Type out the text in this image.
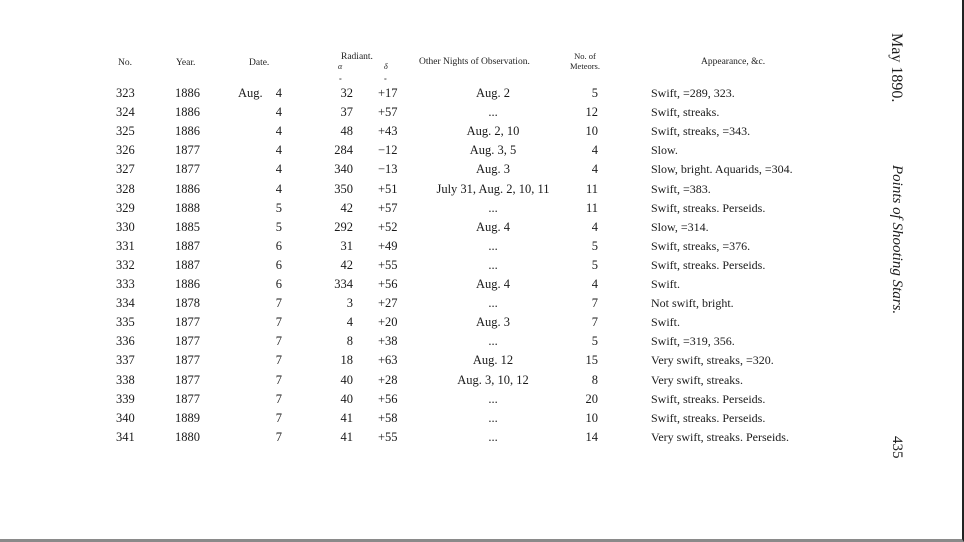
No.	Year.	Date.
Radiant.
α	δ	Other Nights of Observation.
No. of
Meteors.	Appearance, &c.
°	°
323	1886	Aug.	4	32 +17	Aug. 2	5	Swift, =289, 323.
324	1886	4	37 +57	...	12	Swift, streaks.
325	1886	4	48 +43	Aug. 2, 10	10	Swift, streaks, =343.
326	1877	4	284 −12	Aug. 3, 5	4	Slow.
327	1877	4	340 −13	Aug. 3	4	Slow, bright. Aquarids, =304.
328	1886	4	350 +51	July 31, Aug. 2, 10, 11	11	Swift, =383.
329	1888	5	42 +57	...	11	Swift, streaks. Perseids.
330	1885	5	292 +52	Aug. 4	4	Slow, =314.
331	1887	6	31 +49	...	5	Swift, streaks, =376.
332	1887	6	42 +55	...	5	Swift, streaks. Perseids.
333	1886	6	334 +56	Aug. 4	4	Swift.
334	1878	7	3 +27	...	7	Not swift, bright.
335	1877	7	4 +20	Aug. 3	7	Swift.
336	1877	7	8 +38	...	5	Swift, =319, 356.
337	1877	7	18 +63	Aug. 12	15	Very swift, streaks, =320.
338	1877	7	40 +28	Aug. 3, 10, 12	8	Very swift, streaks.
339	1877	7	40 +56	...	20	Swift, streaks. Perseids.
340	1889	7	41 +58	...	10	Swift, streaks. Perseids.
341	1880	7	41 +55	...	14	Very swift, streaks. Perseids.
May 1890.
Points of Shooting Stars.
435
